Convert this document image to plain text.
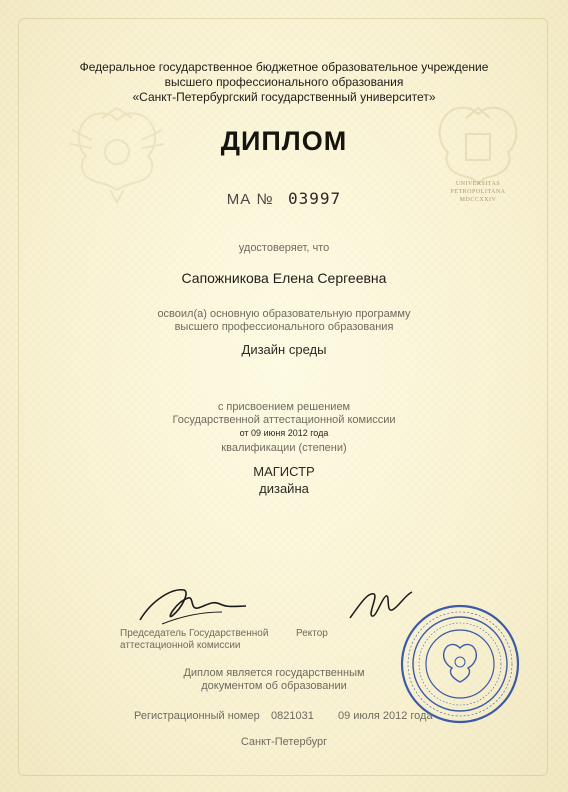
UNIVERSITAS
PETROPOLITANA
MDCCXXIV
Федеральное государственное бюджетное образовательное учреждение
высшего профессионального образования
«Санкт-Петербургский государственный университет»
ДИПЛОМ
МА № 03997
удостоверяет, что
Сапожникова Елена Сергеевна
освоил(а) основную образовательную программу
высшего профессионального образования
Дизайн среды
с присвоением решением
Государственной аттестационной комиссии
от 09 июня 2012 года
квалификации (степени)
МАГИСТР
дизайна
Председатель Государственной
аттестационной комиссии
Ректор
Диплом является государственным
документом об образовании
Регистрационный номер 0821031 09 июля 2012 года
Санкт-Петербург
